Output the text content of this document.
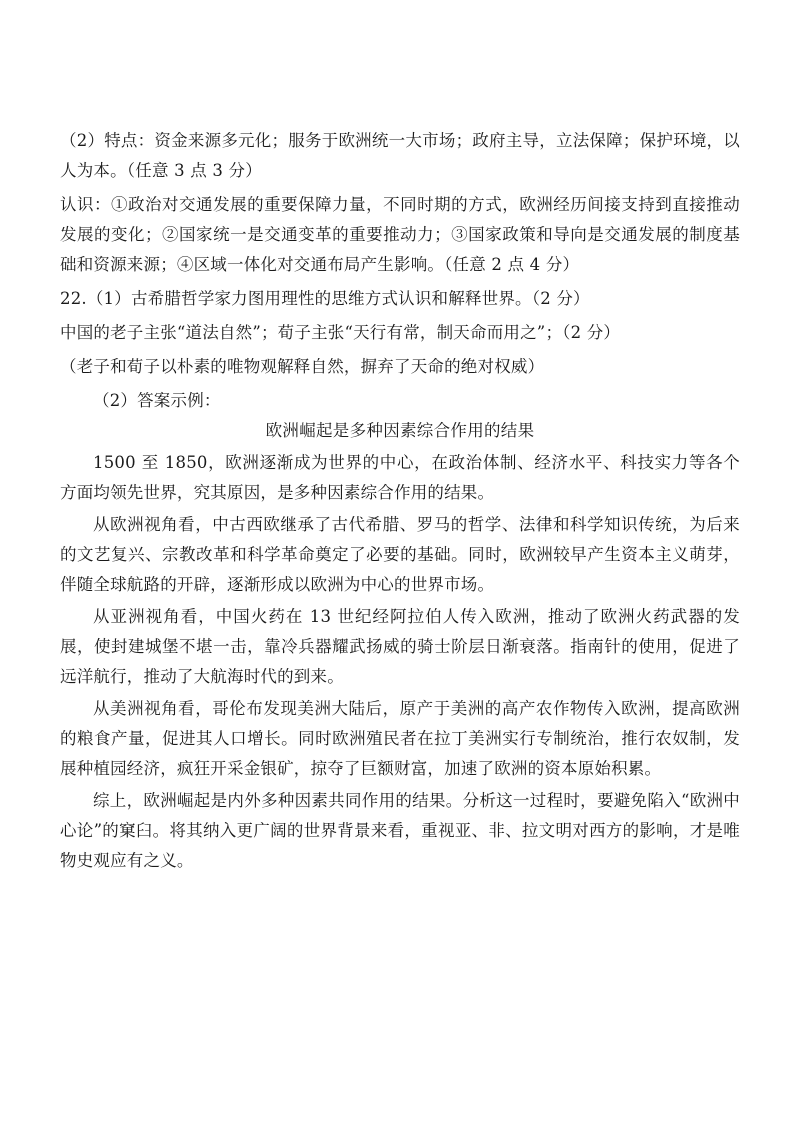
（2）特点：资金来源多元化；服务于欧洲统一大市场；政府主导，立法保障；保护环境，以人为本。（任意 3 点 3 分）

认识：①政治对交通发展的重要保障力量，不同时期的方式，欧洲经历间接支持到直接推动发展的变化；②国家统一是交通变革的重要推动力；③国家政策和导向是交通发展的制度基础和资源来源；④区域一体化对交通布局产生影响。（任意 2 点 4 分）

22.（1）古希腊哲学家力图用理性的思维方式认识和解释世界。（2 分）

中国的老子主张“道法自然”；荀子主张“天行有常，制天命而用之”；（2 分）

（老子和荀子以朴素的唯物观解释自然，摒弃了天命的绝对权威）

（2）答案示例：

欧洲崛起是多种因素综合作用的结果

1500 至 1850，欧洲逐渐成为世界的中心，在政治体制、经济水平、科技实力等各个方面均领先世界，究其原因，是多种因素综合作用的结果。

从欧洲视角看，中古西欧继承了古代希腊、罗马的哲学、法律和科学知识传统，为后来的文艺复兴、宗教改革和科学革命奠定了必要的基础。同时，欧洲较早产生资本主义萌芽，伴随全球航路的开辟，逐渐形成以欧洲为中心的世界市场。

从亚洲视角看，中国火药在 13 世纪经阿拉伯人传入欧洲，推动了欧洲火药武器的发展，使封建城堡不堪一击，靠冷兵器耀武扬威的骑士阶层日渐衰落。指南针的使用，促进了远洋航行，推动了大航海时代的到来。

从美洲视角看，哥伦布发现美洲大陆后，原产于美洲的高产农作物传入欧洲，提高欧洲的粮食产量，促进其人口增长。同时欧洲殖民者在拉丁美洲实行专制统治，推行农奴制，发展种植园经济，疯狂开采金银矿，掠夺了巨额财富，加速了欧洲的资本原始积累。

综上，欧洲崛起是内外多种因素共同作用的结果。分析这一过程时，要避免陷入“欧洲中心论”的窠臼。将其纳入更广阔的世界背景来看，重视亚、非、拉文明对西方的影响，才是唯物史观应有之义。
